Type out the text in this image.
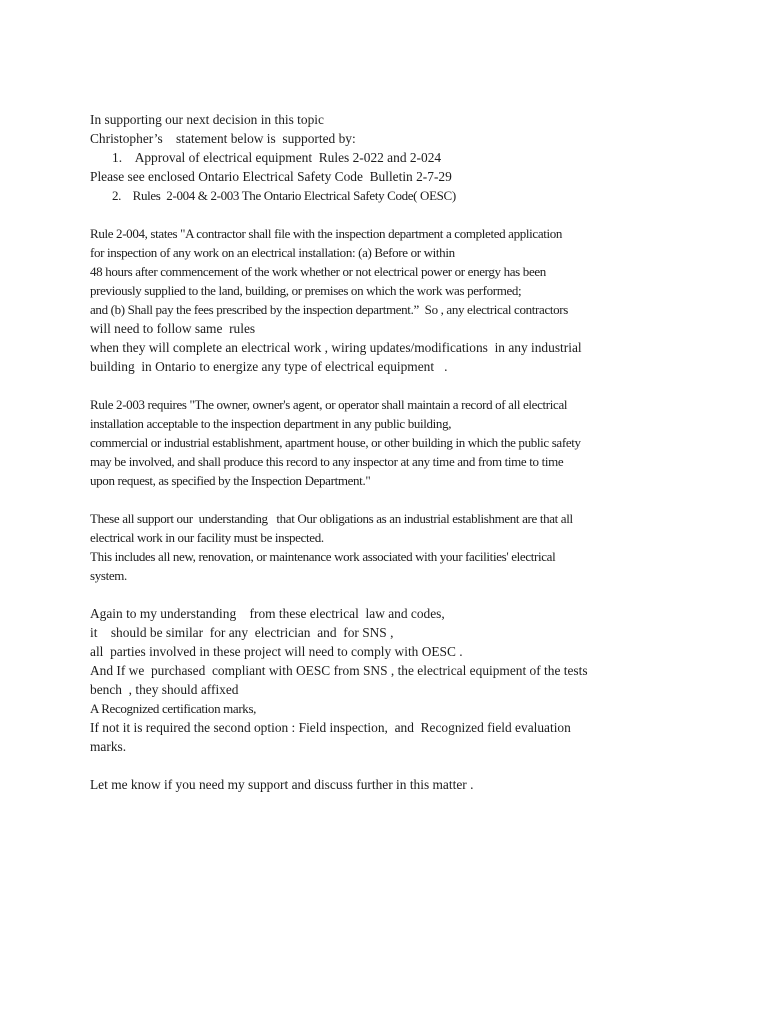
In supporting our next decision in this topic
Christopher’s    statement below is  supported by:
1.    Approval of electrical equipment  Rules 2-022 and 2-024
Please see enclosed Ontario Electrical Safety Code  Bulletin 2-7-29
2.    Rules  2-004 & 2-003 The Ontario Electrical Safety Code( OESC)
Rule 2-004, states "A contractor shall file with the inspection department a completed application
for inspection of any work on an electrical installation: (a) Before or within
48 hours after commencement of the work whether or not electrical power or energy has been
previously supplied to the land, building, or premises on which the work was performed;
and (b) Shall pay the fees prescribed by the inspection department.”  So , any electrical contractors
will need to follow same  rules
when they will complete an electrical work , wiring updates/modifications  in any industrial
building  in Ontario to energize any type of electrical equipment   .
Rule 2-003 requires "The owner, owner's agent, or operator shall maintain a record of all electrical
installation acceptable to the inspection department in any public building,
commercial or industrial establishment, apartment house, or other building in which the public safety
may be involved, and shall produce this record to any inspector at any time and from time to time
upon request, as specified by the Inspection Department."
These all support our  understanding   that Our obligations as an industrial establishment are that all
electrical work in our facility must be inspected.
This includes all new, renovation, or maintenance work associated with your facilities' electrical
system.
Again to my understanding    from these electrical  law and codes,
it    should be similar  for any  electrician  and  for SNS ,
all  parties involved in these project will need to comply with OESC .
And If we  purchased  compliant with OESC from SNS , the electrical equipment of the tests
bench  , they should affixed
A Recognized certification marks,
If not it is required the second option : Field inspection,  and  Recognized field evaluation
marks.
Let me know if you need my support and discuss further in this matter .
